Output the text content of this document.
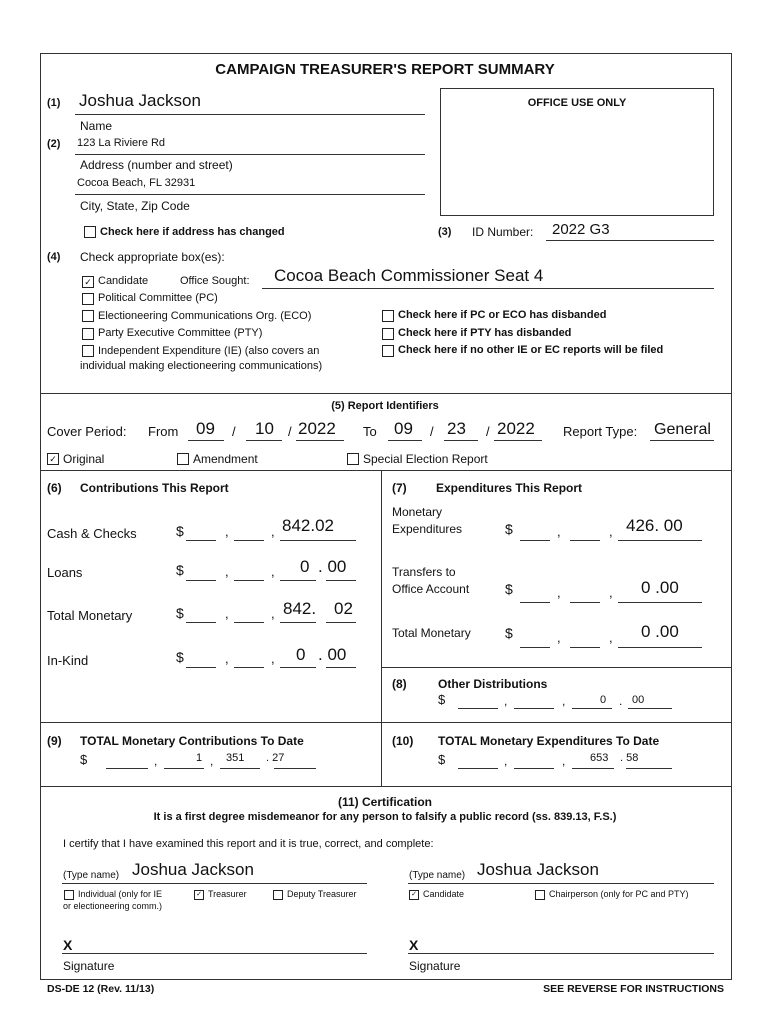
CAMPAIGN TREASURER'S REPORT SUMMARY
OFFICE USE ONLY
(1) Joshua Jackson
Name
(2) 123 La Riviere Rd
Address (number and street)
Cocoa Beach, FL 32931
City, State, Zip Code
Check here if address has changed	(3) ID Number: 2022 G3
(4) Check appropriate box(es):
✓ Candidate	Office Sought: Cocoa Beach Commissioner Seat 4
Political Committee (PC)
Electioneering Communications Org. (ECO)
Party Executive Committee (PTY)
Independent Expenditure (IE) (also covers an
individual making electioneering communications)
Check here if PC or ECO has disbanded
Check here if PTY has disbanded
Check here if no other IE or EC reports will be filed
(5) Report Identifiers
Cover Period: From 09 / 10 / 2022 To 09 / 23 / 2022 Report Type: General
✓ Original	Amendment	Special Election Report
(6) Contributions This Report
Cash & Checks	$	,	, 842.02
Loans	$	,	, 0 . 00
Total Monetary	$	,	, 842. 02
In-Kind	$	,	, 0 . 00
(7) Expenditures This Report
Monetary
Expenditures	$	,	, 426. 00
Transfers to
Office Account	$	,	, 0 .00
Total Monetary $	,	, 0 .00
(8)	Other Distributions
$	,	,	0 . 00
(9) TOTAL Monetary Contributions To Date
$	,	1 , 351 . 27
(10) TOTAL Monetary Expenditures To Date
$	,	, 653 . 58
(11) Certification
It is a first degree misdemeanor for any person to falsify a public record (ss. 839.13, F.S.)
I certify that I have examined this report and it is true, correct, and complete:
(Type name) Joshua Jackson	(Type name) Joshua Jackson
Individual (only for IE
or electioneering comm.)
✓ Treasurer	Deputy Treasurer	✓ Candidate	Chairperson (only for PC and PTY)
X
Signature
X
Signature
DS-DE 12 (Rev. 11/13)	SEE REVERSE FOR INSTRUCTIONS
